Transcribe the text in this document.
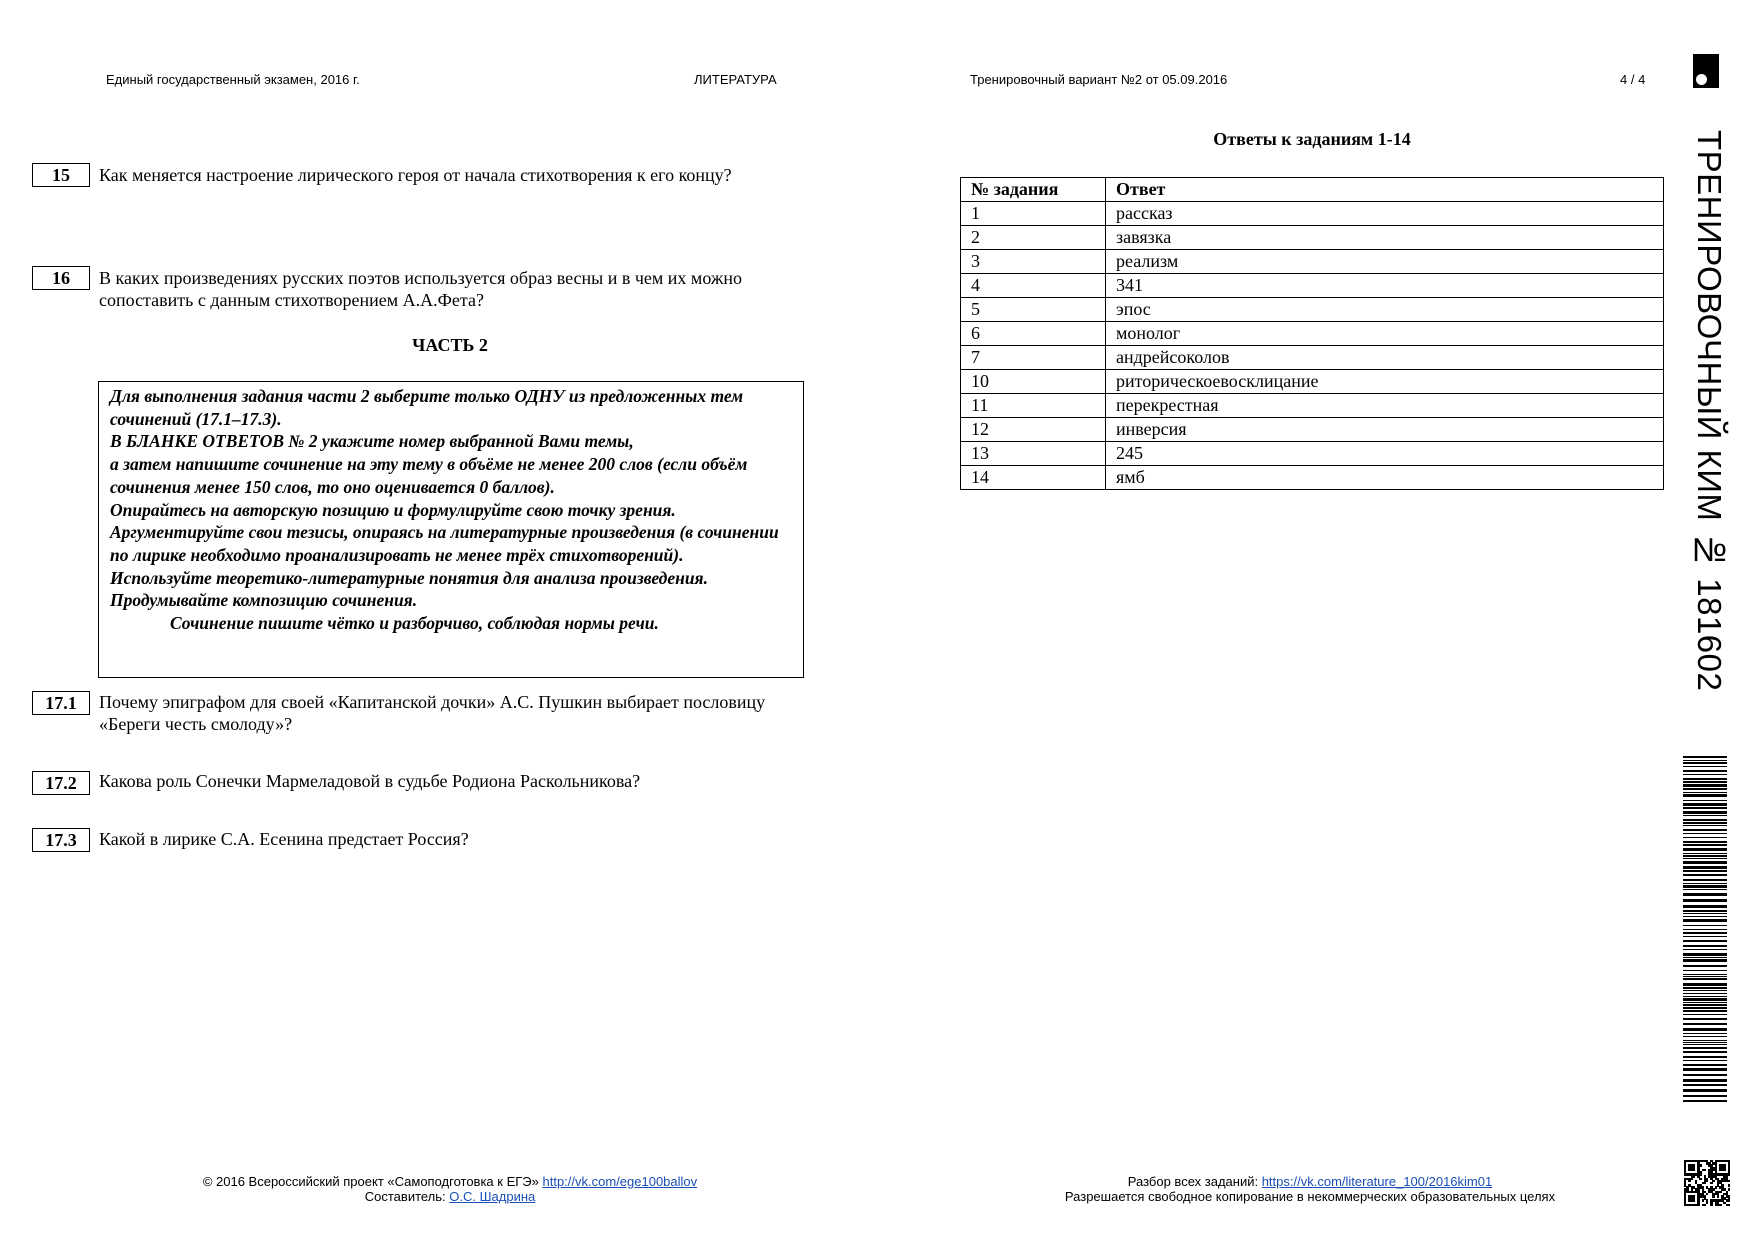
Единый государственный экзамен, 2016 г.	ЛИТЕРАТУРА	Тренировочный вариант №2 от 05.09.2016	4 / 4
15	Как меняется настроение лирического героя от начала стихотворения к его концу?
16	В каких произведениях русских поэтов используется образ весны и в чем их можно сопоставить с данным стихотворением А.А.Фета?
ЧАСТЬ 2

Для выполнения задания части 2 выберите только ОДНУ из предложенных тем сочинений (17.1–17.3).

В БЛАНКЕ ОТВЕТОВ № 2 укажите номер выбранной Вами темы,

а затем напишите сочинение на эту тему в объёме не менее 200 слов (если объём сочинения менее 150 слов, то оно оценивается 0 баллов).

Опирайтесь на авторскую позицию и формулируйте свою точку зрения.

Аргументируйте свои тезисы, опираясь на литературные произведения (в сочинении по лирике необходимо проанализировать не менее трёх стихотворений).

Используйте теоретико-литературные понятия для анализа произведения.

Продумывайте композицию сочинения.

Сочинение пишите чётко и разборчиво, соблюдая нормы речи.

17.1	Почему эпиграфом для своей «Капитанской дочки» А.С. Пушкин выбирает пословицу «Береги честь смолоду»?
17.2	Какова роль Сонечки Мармеладовой в судьбе Родиона Раскольникова?
17.3	Какой в лирике С.А. Есенина предстает Россия?
Ответы к заданиям 1-14
№ задания	Ответ
1	рассказ
2	завязка
3	реализм
4	341
5	эпос
6	монолог
7	андрейсоколов
10	риторическоевосклицание
11	перекрестная
12	инверсия
13	245
14	ямб	ТРЕНИРОВОЧНЫЙ КИМ № 181602
© 2016 Всероссийский проект «Самоподготовка к ЕГЭ» http://vk.com/ege100ballov
Составитель: О.С. Шадрина
Разбор всех заданий: https://vk.com/literature_100/2016kim01
Разрешается свободное копирование в некоммерческих образовательных целях
